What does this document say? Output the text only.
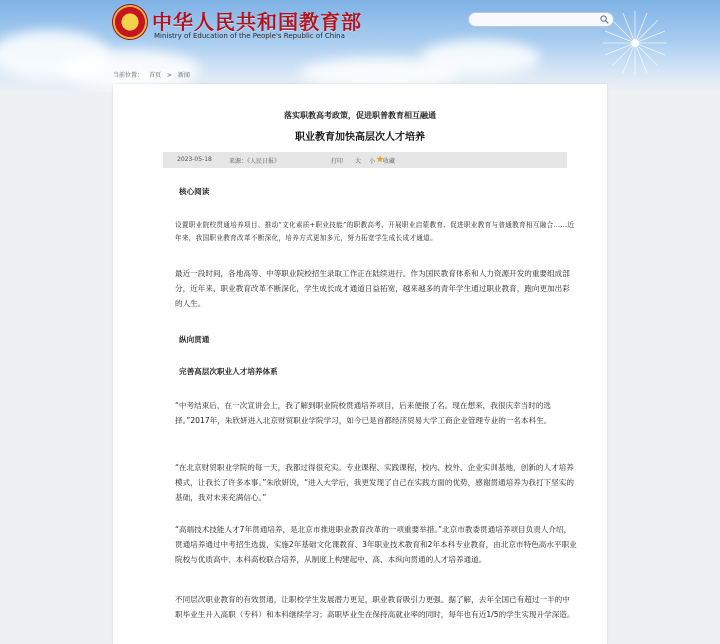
中华人民共和国教育部
Ministry of Education of the People's Republic of China
当前位置： 首页 > 新闻
落实职教高考政策，促进职普教育相互融通
职业教育加快高层次人才培养
2023-05-18	来源：《人民日报》	打印 大 小 收藏
核心阅读
设置职业院校贯通培养项目、推动“文化素质+职业技能”的职教高考、开展职业启蒙教育、促进职业教育与普通教育相互融合……近年来，我国职业教育改革不断深化，培养方式更加多元，努力拓宽学生成长成才通道。
最近一段时间，各地高等、中等职业院校招生录取工作正在陆续进行。作为国民教育体系和人力资源开发的重要组成部分，近年来，职业教育改革不断深化，学生成长成才通道日益拓宽，越来越多的青年学生通过职业教育，跑向更加出彩的人生。
纵向贯通
完善高层次职业人才培养体系
“中考结束后，在一次宣讲会上，我了解到职业院校贯通培养项目，后来便报了名。现在想来，我很庆幸当时的选择。”2017年，朱欣妍进入北京财贸职业学院学习，如今已是首都经济贸易大学工商企业管理专业的一名本科生。
“在北京财贸职业学院的每一天，我都过得很充实。专业课程、实践课程，校内、校外、企业实训基地，创新的人才培养模式，让我长了许多本事。”朱欣妍说，“进入大学后，我更发现了自己在实践方面的优势，感谢贯通培养为我打下坚实的基础，我对未来充满信心。”
“高端技术技能人才7年贯通培养，是北京市推进职业教育改革的一项重要举措。”北京市教委贯通培养项目负责人介绍，贯通培养通过中考招生选拔，实施2年基础文化课教育、3年职业技术教育和2年本科专业教育，由北京市特色高水平职业院校与优质高中、本科高校联合培养，从制度上构建起中、高、本纵向贯通的人才培养通道。
不同层次职业教育的有效贯通，让职校学生发展潜力更足，职业教育吸引力更强。据了解，去年全国已有超过一半的中职毕业生升入高职（专科）和本科继续学习；高职毕业生在保持高就业率的同时，每年也有近1/5的学生实现升学深造。
